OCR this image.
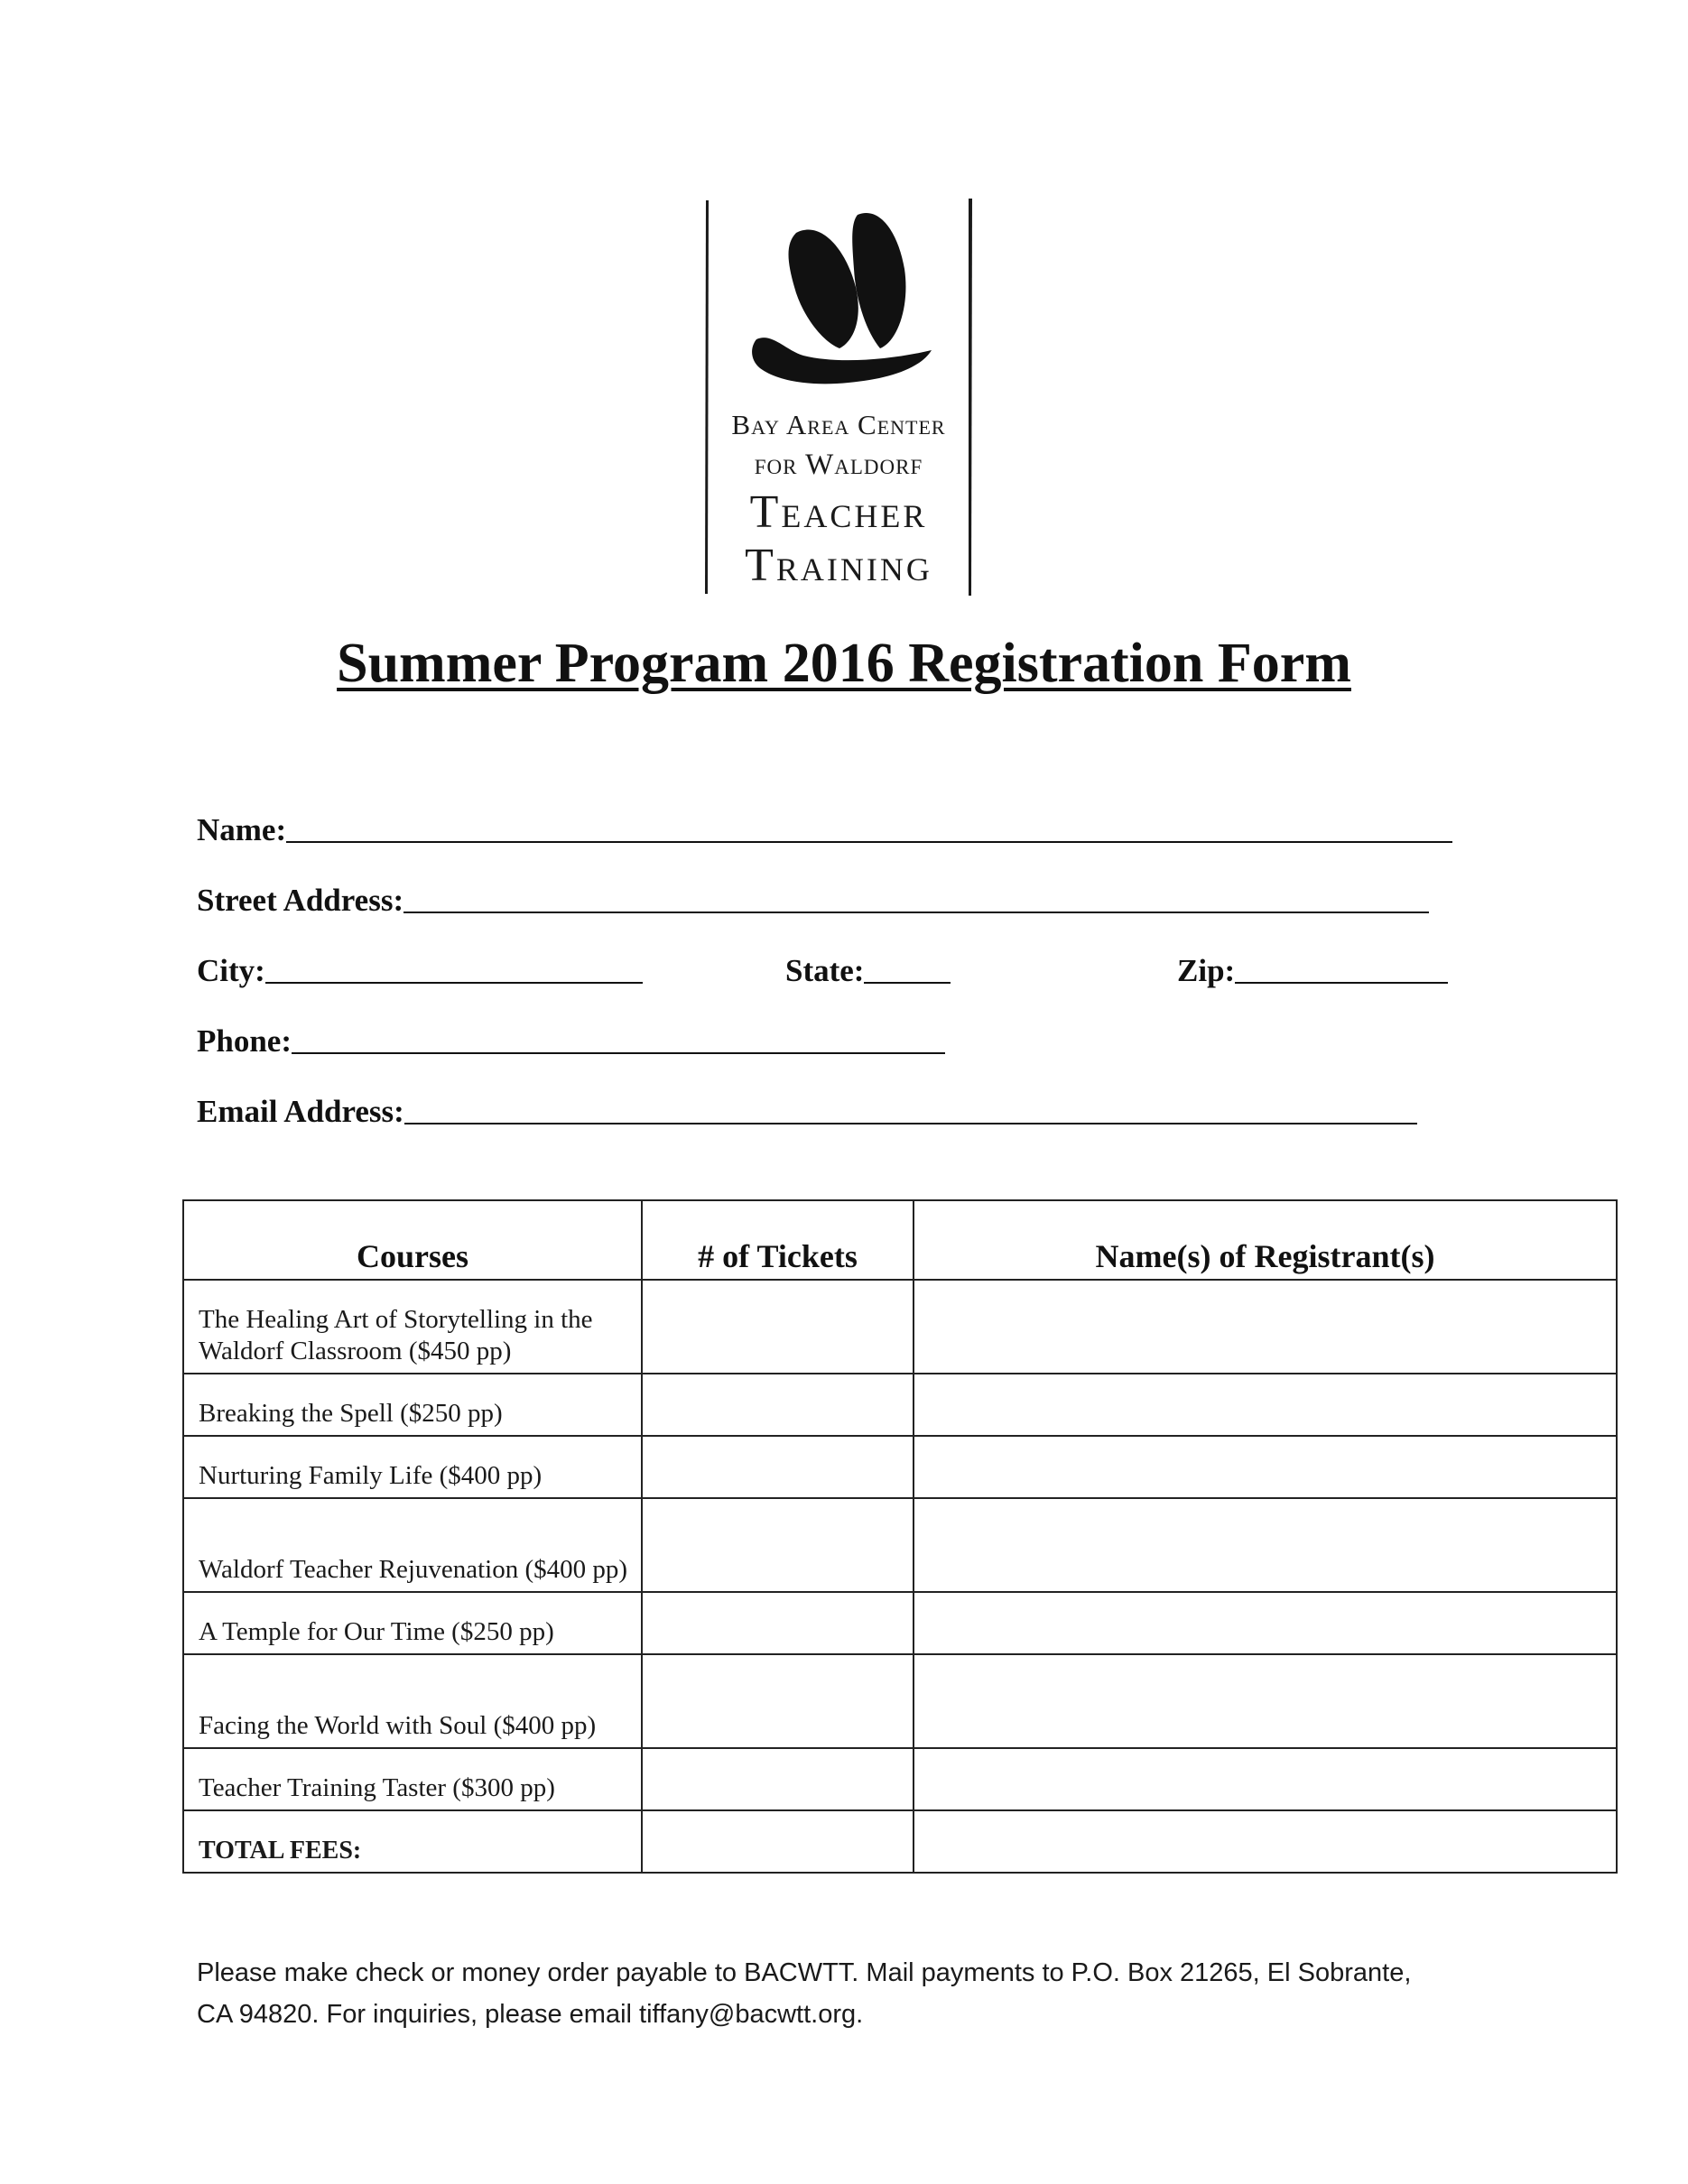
Bay Area Center
for Waldorf
Teacher
Training
Summer Program 2016 Registration Form
Name:
Street Address:
City:	State:	Zip:
Phone:
Email Address:
Courses	# of Tickets	Name(s) of Registrant(s)
The Healing Art of Storytelling in the Waldorf Classroom ($450 pp)		
Breaking the Spell ($250 pp)		
Nurturing Family Life ($400 pp)		
Waldorf Teacher Rejuvenation ($400 pp)		
A Temple for Our Time ($250 pp)		
Facing the World with Soul ($400 pp)		
Teacher Training Taster ($300 pp)		
TOTAL FEES:		
Please make check or money order payable to BACWTT. Mail payments to P.O. Box 21265, El Sobrante,
CA 94820. For inquiries, please email tiffany@bacwtt.org.
